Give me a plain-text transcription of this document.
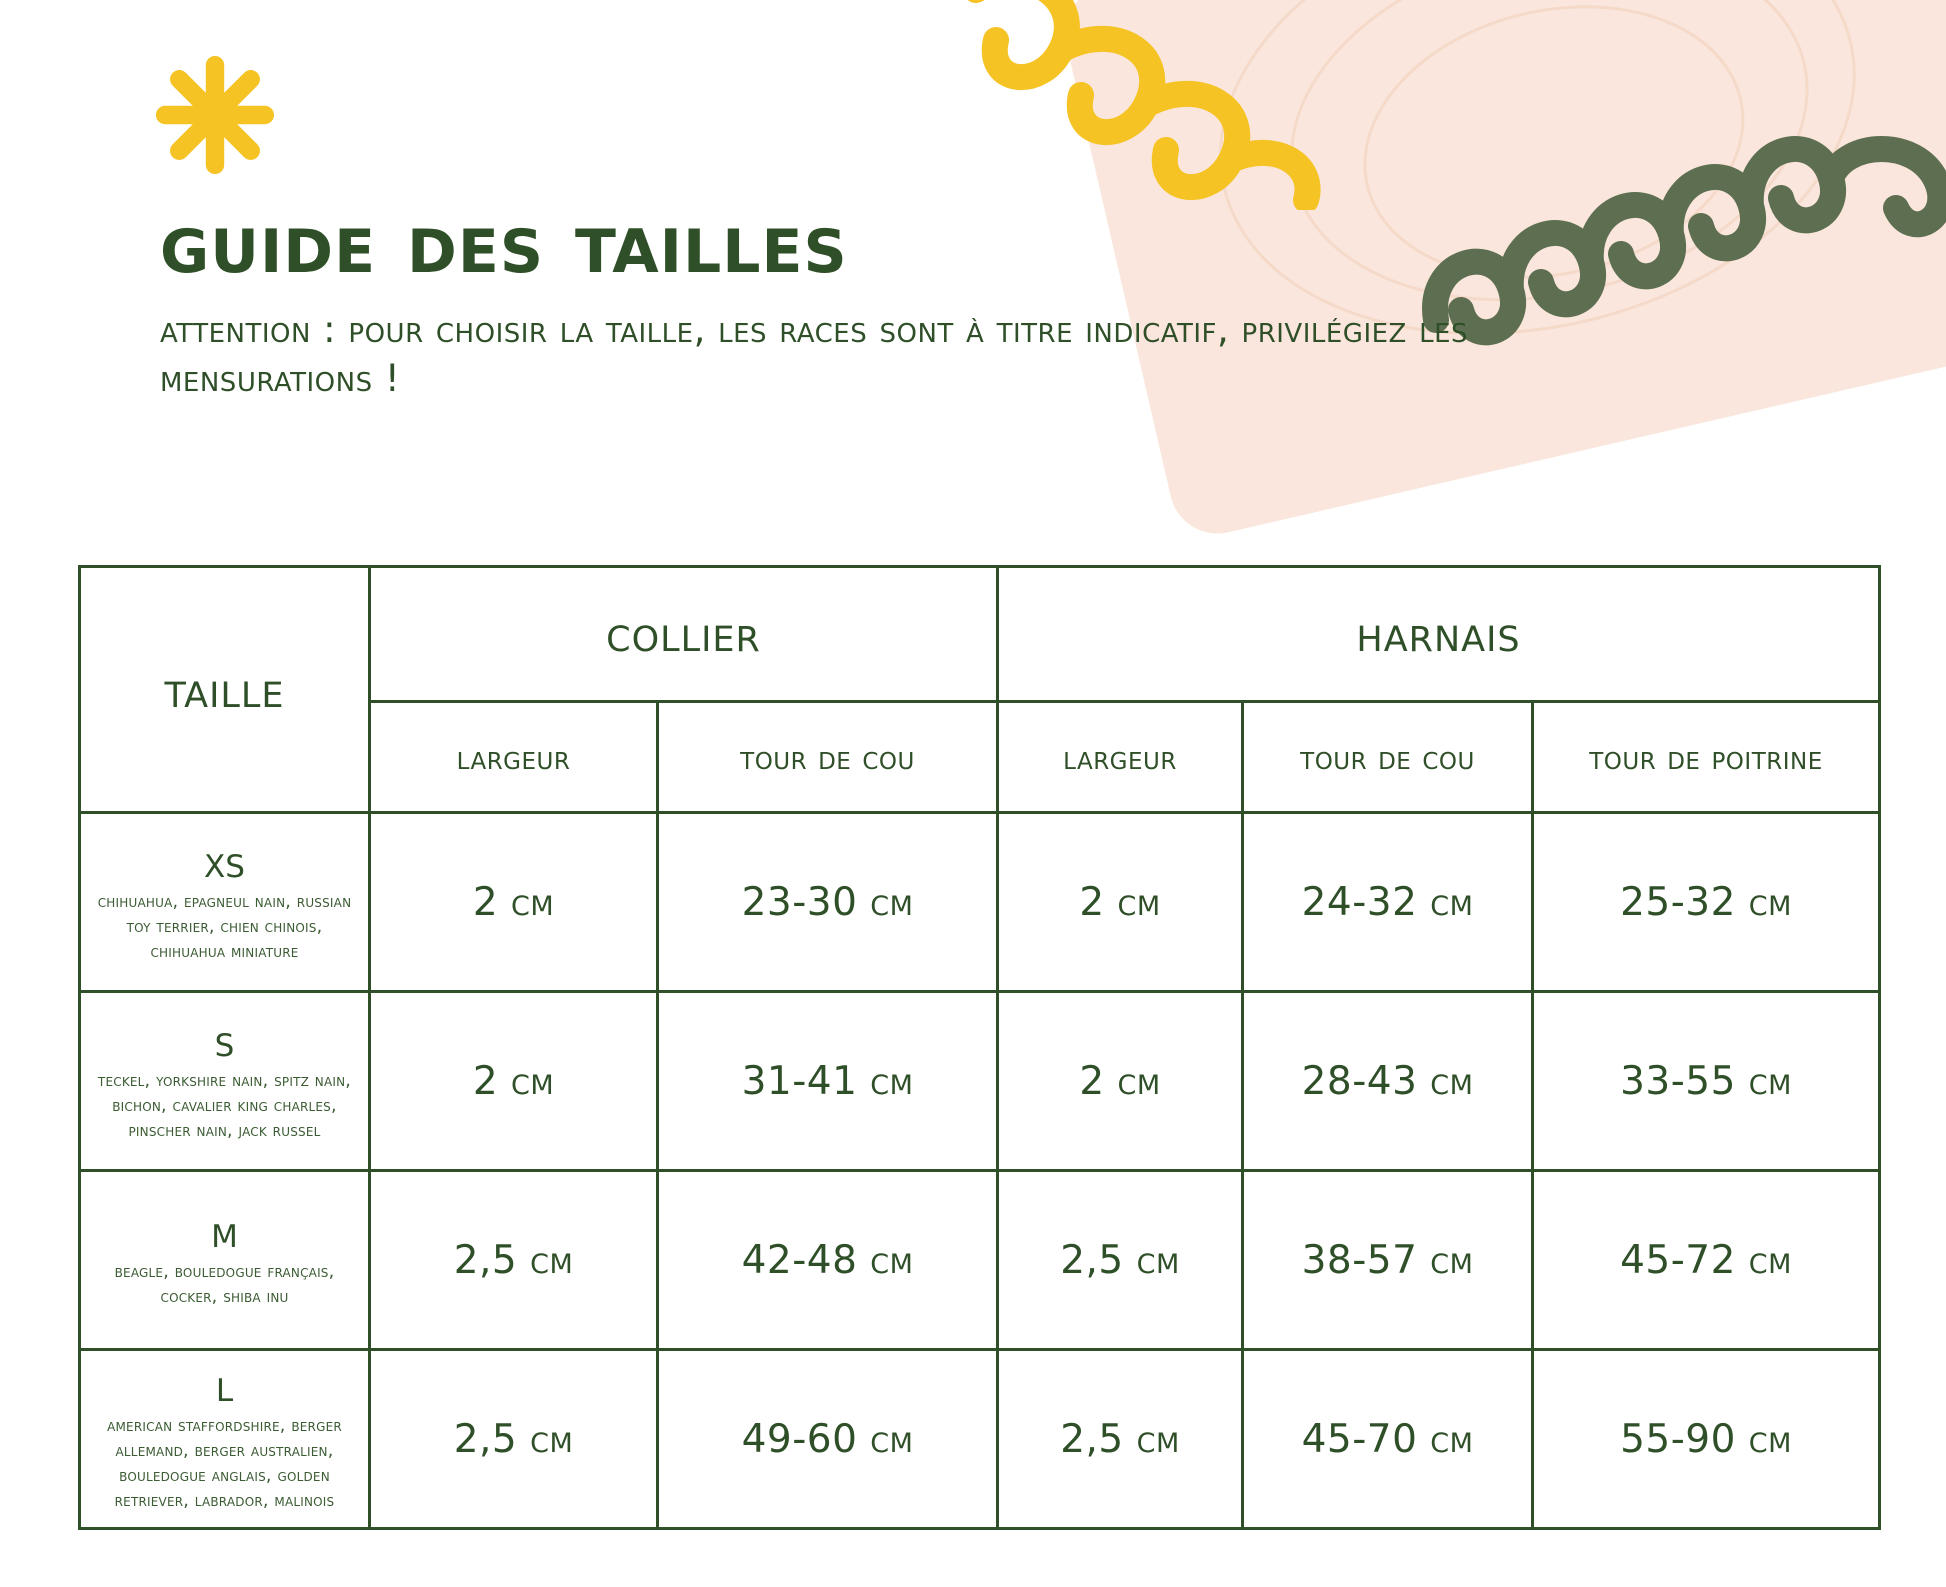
guide des tailles

attention : pour choisir la taille, les races sont à titre indicatif, privilégiez les mensurations !

taille	collier		harnais		
	largeur	tour de cou	largeur	tour de cou	tour de poitrine

xs
chihuahua, epagneul nain, russian toy terrier, chien chinois, chihuahua miniature	2 cm	23-30 cm	2 cm	24-32 cm	25-32 cm

s
teckel, yorkshire nain, spitz nain, bichon, cavalier king charles, pinscher nain, jack russel	2 cm	31-41 cm	2 cm	28-43 cm	33-55 cm

m
beagle, bouledogue français, cocker, shiba inu	2,5 cm	42-48 cm	2,5 cm	38-57 cm	45-72 cm

l
american staffordshire, berger allemand, berger australien, bouledogue anglais, golden retriever, labrador, malinois	2,5 cm	49-60 cm	2,5 cm	45-70 cm	55-90 cm
